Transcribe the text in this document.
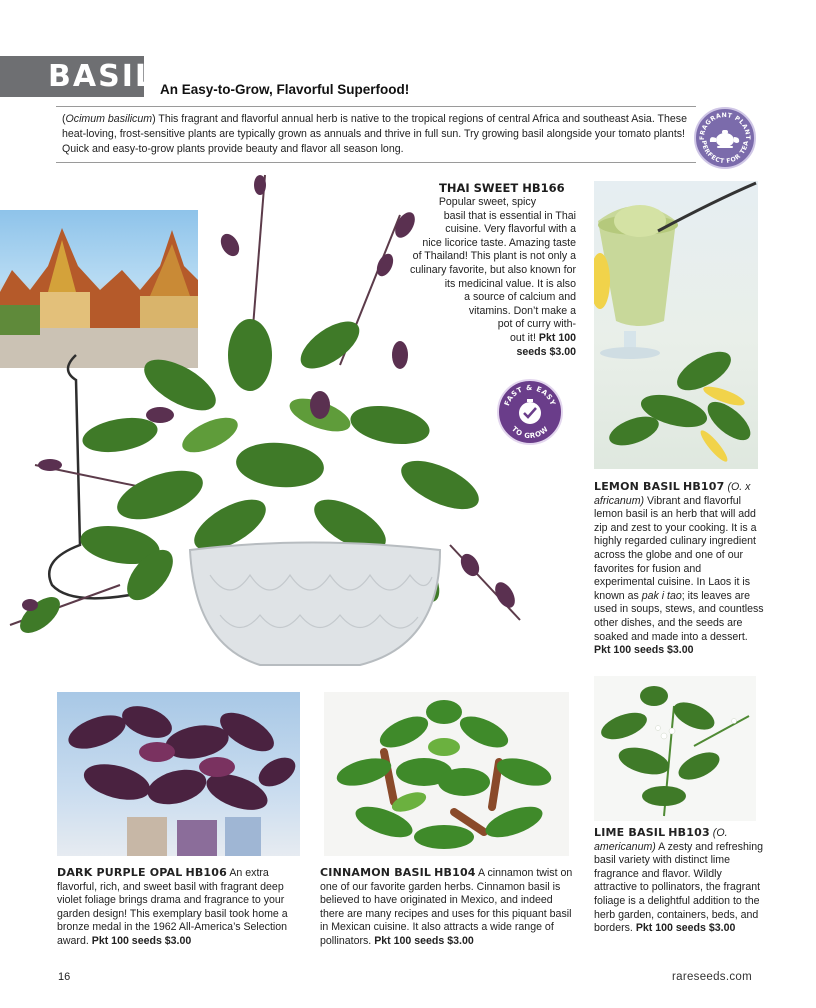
BASIL An Easy-to-Grow, Flavorful Superfood!
(Ocimum basilicum) This fragrant and flavorful annual herb is native to the tropical regions of central Africa and southeast Asia. These heat-loving, frost-sensitive plants are typically grown as annuals and thrive in full sun. Try growing basil alongside your tomato plants! Quick and easy-to-grow plants provide beauty and flavor all season long.
FRAGRANT PLANT
PERFECT FOR TEA
FAST & EASY
TO GROW
THAI SWEET HB166
Popular sweet, spicy
basil that is essential in Thai
cuisine. Very flavorful with a
nice licorice taste. Amazing taste
of Thailand! This plant is not only a
culinary favorite, but also known for
its medicinal value. It is also
a source of calcium and
vitamins. Don’t make a
pot of curry with-
out it! Pkt 100
seeds $3.00
LEMON BASIL HB107 (O. x africanum) Vibrant and flavorful lemon basil is an herb that will add zip and zest to your cooking. It is a highly regarded culinary ingredient across the globe and one of our favorites for fusion and experimental cuisine. In Laos it is known as pak i tao; its leaves are used in soups, stews, and countless other dishes, and the seeds are soaked and made into a dessert. Pkt 100 seeds $3.00
LIME BASIL HB103 (O. americanum) A zesty and refreshing basil variety with distinct lime fragrance and flavor. Wildly attractive to pollinators, the fragrant foliage is a delightful addition to the herb garden, containers, beds, and borders. Pkt 100 seeds $3.00
DARK PURPLE OPAL HB106 An extra flavorful, rich, and sweet basil with fragrant deep violet foliage brings drama and fragrance to your garden design! This exemplary basil took home a bronze medal in the 1962 All-America’s Selection award. Pkt 100 seeds $3.00
CINNAMON BASIL HB104 A cinnamon twist on one of our favorite garden herbs. Cinnamon basil is believed to have originated in Mexico, and indeed there are many recipes and uses for this piquant basil in Mexican cuisine. It also attracts a wide range of pollinators. Pkt 100 seeds $3.00
16	rareseeds.com
